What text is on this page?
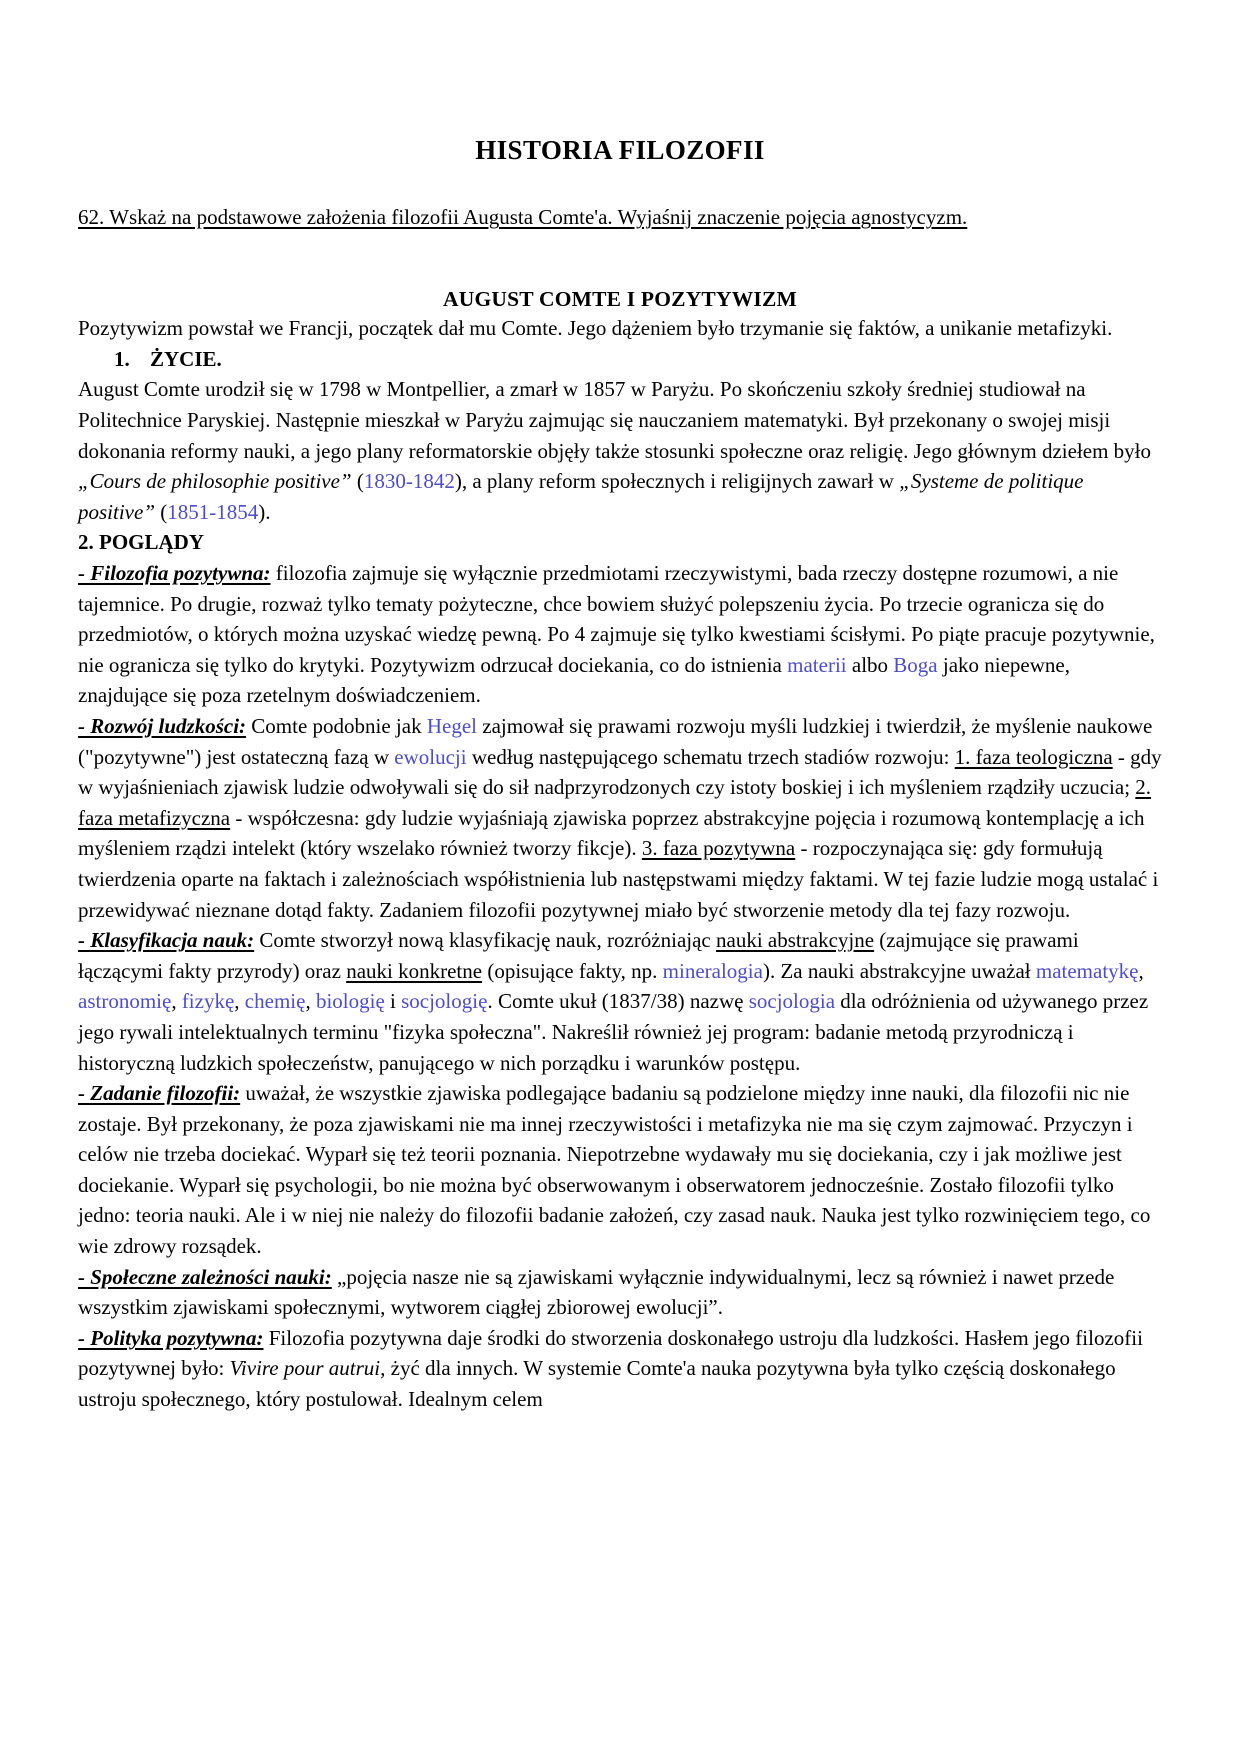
HISTORIA FILOZOFII
62. Wskaż na podstawowe założenia filozofii Augusta Comte'a. Wyjaśnij znaczenie pojęcia agnostycyzm.
AUGUST COMTE I POZYTYWIZM

Pozytywizm powstał we Francji, początek dał mu Comte. Jego dążeniem było trzymanie się faktów, a unikanie metafizyki.

1. ŻYCIE.

August Comte urodził się w 1798 w Montpellier, a zmarł w 1857 w Paryżu. Po skończeniu szkoły średniej studiował na Politechnice Paryskiej. Następnie mieszkał w Paryżu zajmując się nauczaniem matematyki. Był przekonany o swojej misji dokonania reformy nauki, a jego plany reformatorskie objęły także stosunki społeczne oraz religię. Jego głównym dziełem było „Cours de philosophie positive” (1830-1842), a plany reform społecznych i religijnych zawarł w „Systeme de politique positive” (1851-1854).

2. POGLĄDY

- Filozofia pozytywna: filozofia zajmuje się wyłącznie przedmiotami rzeczywistymi, bada rzeczy dostępne rozumowi, a nie tajemnice. Po drugie, rozważ tylko tematy pożyteczne, chce bowiem służyć polepszeniu życia. Po trzecie ogranicza się do przedmiotów, o których można uzyskać wiedzę pewną. Po 4 zajmuje się tylko kwestiami ścisłymi. Po piąte pracuje pozytywnie, nie ogranicza się tylko do krytyki. Pozytywizm odrzucał dociekania, co do istnienia materii albo Boga jako niepewne, znajdujące się poza rzetelnym doświadczeniem.

- Rozwój ludzkości: Comte podobnie jak Hegel zajmował się prawami rozwoju myśli ludzkiej i twierdził, że myślenie naukowe ("pozytywne") jest ostateczną fazą w ewolucji według następującego schematu trzech stadiów rozwoju: 1. faza teologiczna - gdy w wyjaśnieniach zjawisk ludzie odwoływali się do sił nadprzyrodzonych czy istoty boskiej i ich myśleniem rządziły uczucia; 2. faza metafizyczna - współczesna: gdy ludzie wyjaśniają zjawiska poprzez abstrakcyjne pojęcia i rozumową kontemplację a ich myśleniem rządzi intelekt (który wszelako również tworzy fikcje). 3. faza pozytywna - rozpoczynająca się: gdy formułują twierdzenia oparte na faktach i zależnościach współistnienia lub następstwami między faktami. W tej fazie ludzie mogą ustalać i przewidywać nieznane dotąd fakty. Zadaniem filozofii pozytywnej miało być stworzenie metody dla tej fazy rozwoju.

- Klasyfikacja nauk: Comte stworzył nową klasyfikację nauk, rozróżniając nauki abstrakcyjne (zajmujące się prawami łączącymi fakty przyrody) oraz nauki konkretne (opisujące fakty, np. mineralogia). Za nauki abstrakcyjne uważał matematykę, astronomię, fizykę, chemię, biologię i socjologię. Comte ukuł (1837/38) nazwę socjologia dla odróżnienia od używanego przez jego rywali intelektualnych terminu "fizyka społeczna". Nakreślił również jej program: badanie metodą przyrodniczą i historyczną ludzkich społeczeństw, panującego w nich porządku i warunków postępu.

- Zadanie filozofii: uważał, że wszystkie zjawiska podlegające badaniu są podzielone między inne nauki, dla filozofii nic nie zostaje. Był przekonany, że poza zjawiskami nie ma innej rzeczywistości i metafizyka nie ma się czym zajmować. Przyczyn i celów nie trzeba dociekać. Wyparł się też teorii poznania. Niepotrzebne wydawały mu się dociekania, czy i jak możliwe jest dociekanie. Wyparł się psychologii, bo nie można być obserwowanym i obserwatorem jednocześnie. Zostało filozofii tylko jedno: teoria nauki. Ale i w niej nie należy do filozofii badanie założeń, czy zasad nauk. Nauka jest tylko rozwinięciem tego, co wie zdrowy rozsądek.

- Społeczne zależności nauki: „pojęcia nasze nie są zjawiskami wyłącznie indywidualnymi, lecz są również i nawet przede wszystkim zjawiskami społecznymi, wytworem ciągłej zbiorowej ewolucji”.

- Polityka pozytywna: Filozofia pozytywna daje środki do stworzenia doskonałego ustroju dla ludzkości. Hasłem jego filozofii pozytywnej było: Vivire pour autrui, żyć dla innych. W systemie Comte'a nauka pozytywna była tylko częścią doskonałego ustroju społecznego, który postulował. Idealnym celem
